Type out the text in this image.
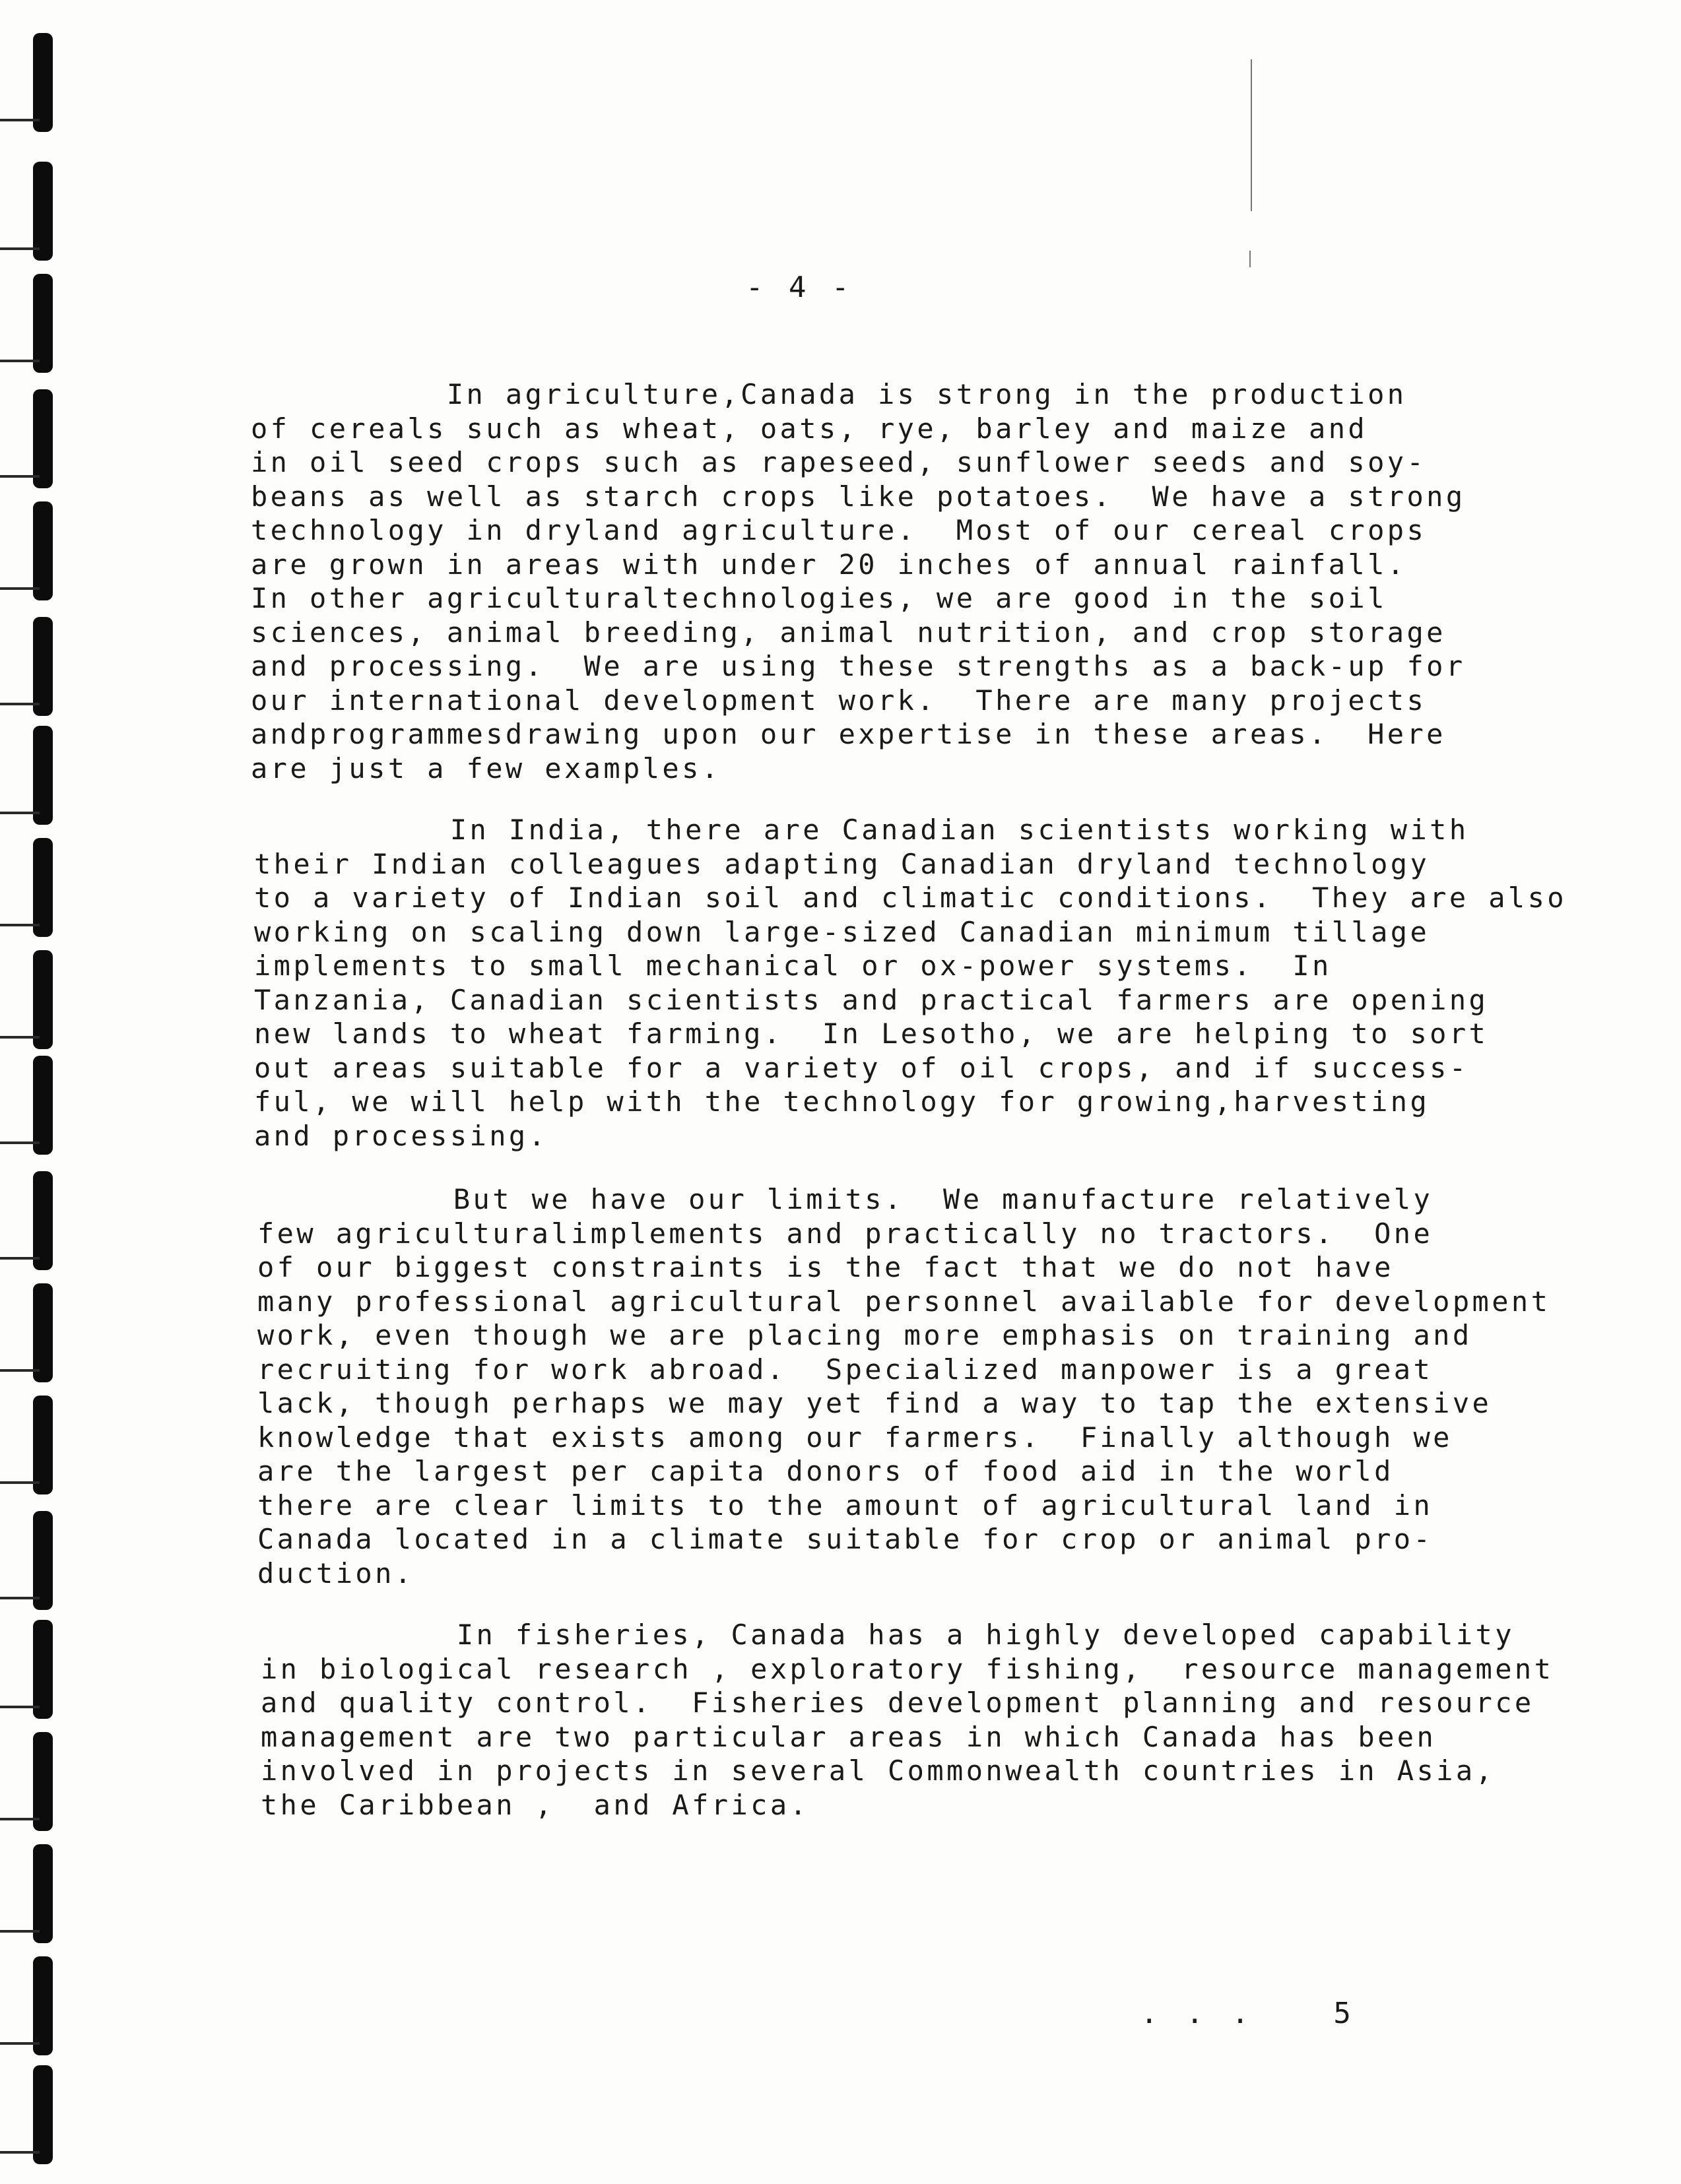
- 4 -
In agriculture,Canada is strong in the production
of cereals such as wheat, oats, rye, barley and maize and
in oil seed crops such as rapeseed, sunflower seeds and soy-
beans as well as starch crops like potatoes.  We have a strong
technology in dryland agriculture.  Most of our cereal crops
are grown in areas with under 20 inches of annual rainfall.
In other agriculturaltechnologies, we are good in the soil
sciences, animal breeding, animal nutrition, and crop storage
and processing.  We are using these strengths as a back-up for
our international development work.  There are many projects
andprogrammesdrawing upon our expertise in these areas.  Here
are just a few examples.
In India, there are Canadian scientists working with
their Indian colleagues adapting Canadian dryland technology
to a variety of Indian soil and climatic conditions.  They are also
working on scaling down large-sized Canadian minimum tillage
implements to small mechanical or ox-power systems.  In
Tanzania, Canadian scientists and practical farmers are opening
new lands to wheat farming.  In Lesotho, we are helping to sort
out areas suitable for a variety of oil crops, and if success-
ful, we will help with the technology for growing,harvesting
and processing.
But we have our limits.  We manufacture relatively
few agriculturalimplements and practically no tractors.  One
of our biggest constraints is the fact that we do not have
many professional agricultural personnel available for development
work, even though we are placing more emphasis on training and
recruiting for work abroad.  Specialized manpower is a great
lack, though perhaps we may yet find a way to tap the extensive
knowledge that exists among our farmers.  Finally although we
are the largest per capita donors of food aid in the world
there are clear limits to the amount of agricultural land in
Canada located in a climate suitable for crop or animal pro-
duction.
In fisheries, Canada has a highly developed capability
in biological research , exploratory fishing,  resource management
and quality control.  Fisheries development planning and resource
management are two particular areas in which Canada has been
involved in projects in several Commonwealth countries in Asia,
the Caribbean ,  and Africa.

. . .	5
